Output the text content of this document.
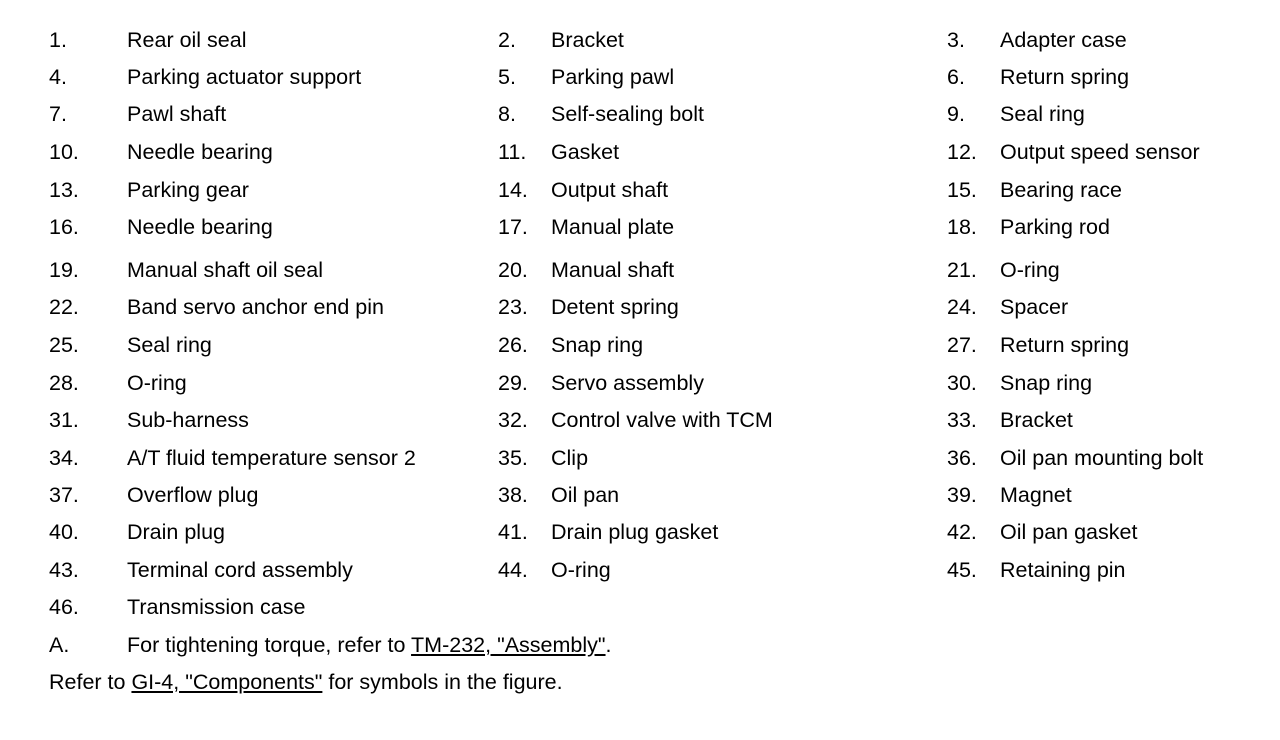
1.	Rear oil seal	2. Bracket	3. Adapter case
4.	Parking actuator support	5. Parking pawl	6. Return spring
7.	Pawl shaft	8. Self-sealing bolt	9. Seal ring
10. Needle bearing	11. Gasket	12. Output speed sensor
13. Parking gear	14. Output shaft	15. Bearing race
16. Needle bearing	17. Manual plate	18. Parking rod
19. Manual shaft oil seal	20. Manual shaft	21. O-ring
22. Band servo anchor end pin	23. Detent spring	24. Spacer
25. Seal ring	26. Snap ring	27. Return spring
28. O-ring	29. Servo assembly	30. Snap ring
31. Sub-harness	32. Control valve with TCM	33. Bracket
34. A/T fluid temperature sensor 2	35. Clip	36. Oil pan mounting bolt
37. Overflow plug	38. Oil pan	39. Magnet
40. Drain plug	41. Drain plug gasket	42. Oil pan gasket
43. Terminal cord assembly	44. O-ring	45. Retaining pin
46. Transmission case
A.	For tightening torque, refer to TM-232, "Assembly".
Refer to GI-4, "Components" for symbols in the figure.
